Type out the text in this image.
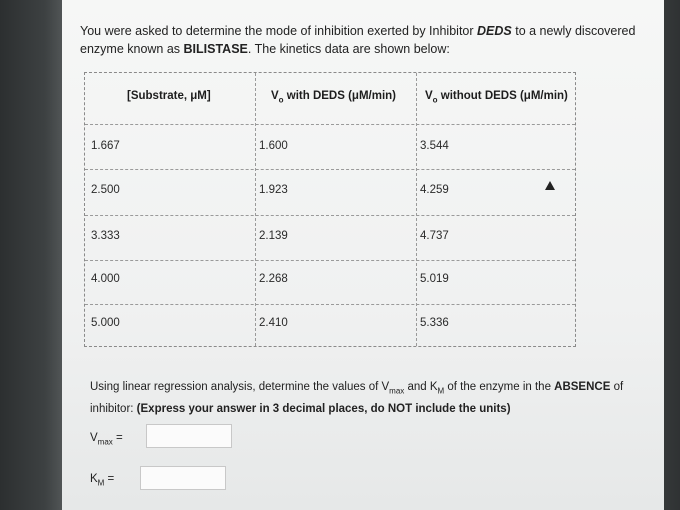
You were asked to determine the mode of inhibition exerted by Inhibitor DEDS to a newly discovered enzyme known as BILISTASE. The kinetics data are shown below:
[Substrate, μM]	$V_o$ with DEDS (μM/min)	$V_o$ without DEDS (μM/min)
1.667	1.600	3.544
2.500	1.923	4.259
3.333	2.139	4.737
4.000	2.268	5.019
5.000	2.410	5.336
Using linear regression analysis, determine the values of $V_{max}$ and $K_M$ of the enzyme in the ABSENCE of inhibitor: (Express your answer in 3 decimal places, do NOT include the units)
$V_{max}$ =
$K_M$ =
